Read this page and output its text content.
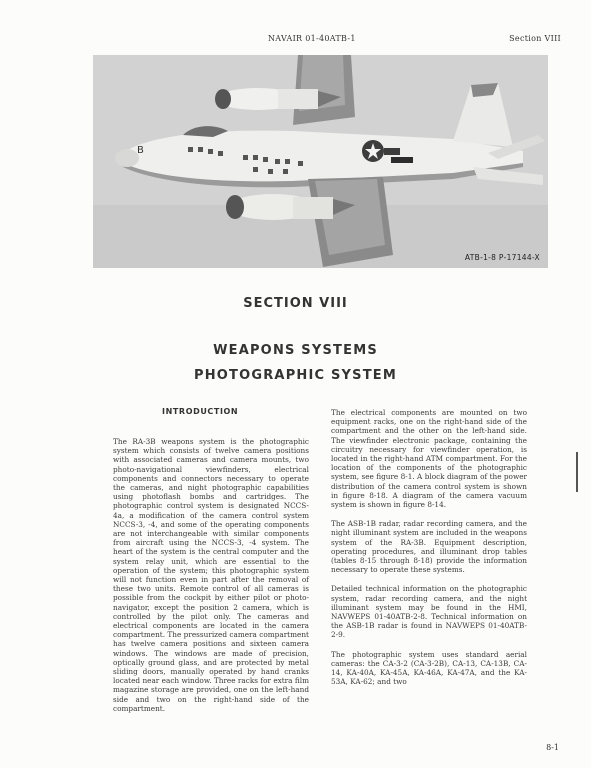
NAVAIR 01-40ATB-1	Section VIII
B
ATB-1-8 P-17144-X
SECTION VIII
WEAPONS SYSTEMS
PHOTOGRAPHIC SYSTEM
INTRODUCTION

The RA-3B weapons system is the photographic system which consists of twelve camera positions with associated cameras and camera mounts, two photo-navigational viewfinders, electrical components and connectors necessary to operate the cameras, and night photographic capabilities using photoflash bombs and cartridges. The photographic control system is designated NCCS-4a, a modification of the camera control system NCCS-3, -4, and some of the operating components are not interchangeable with similar components from aircraft using the NCCS-3, -4 system. The heart of the system is the central computer and the system relay unit, which are essential to the operation of the system; this photographic system will not function even in part after the removal of these two units. Remote control of all cameras is possible from the cockpit by either pilot or photo-navigator, except the position 2 camera, which is controlled by the pilot only. The cameras and electrical components are located in the camera compartment. The pressurized camera compartment has twelve camera positions and sixteen camera windows. The windows are made of precision, optically ground glass, and are protected by metal sliding doors, manually operated by hand cranks located near each window. Three racks for extra film magazine storage are provided, one on the left-hand side and two on the right-hand side of the compartment.

The electrical components are mounted on two equipment racks, one on the right-hand side of the compartment and the other on the left-hand side. The viewfinder electronic package, containing the circuitry necessary for viewfinder operation, is located in the right-hand ATM compartment. For the location of the components of the photographic system, see figure 8-1. A block diagram of the power distribution of the camera control system is shown in figure 8-18. A diagram of the camera vacuum system is shown in figure 8-14.

The ASB-1B radar, radar recording camera, and the night illuminant system are included in the weapons system of the RA-3B. Equipment description, operating procedures, and illuminant drop tables (tables 8-15 through 8-18) provide the information necessary to operate these systems.

Detailed technical information on the photographic system, radar recording camera, and the night illuminant system may be found in the HMI, NAVWEPS 01-40ATB-2-8. Technical information on the ASB-1B radar is found in NAVWEPS 01-40ATB-2-9.

The photographic system uses standard aerial cameras: the CA-3-2 (CA-3-2B), CA-13, CA-13B, CA-14, KA-40A, KA-45A, KA-46A, KA-47A, and the KA-53A, KA-62; and two

8-1
